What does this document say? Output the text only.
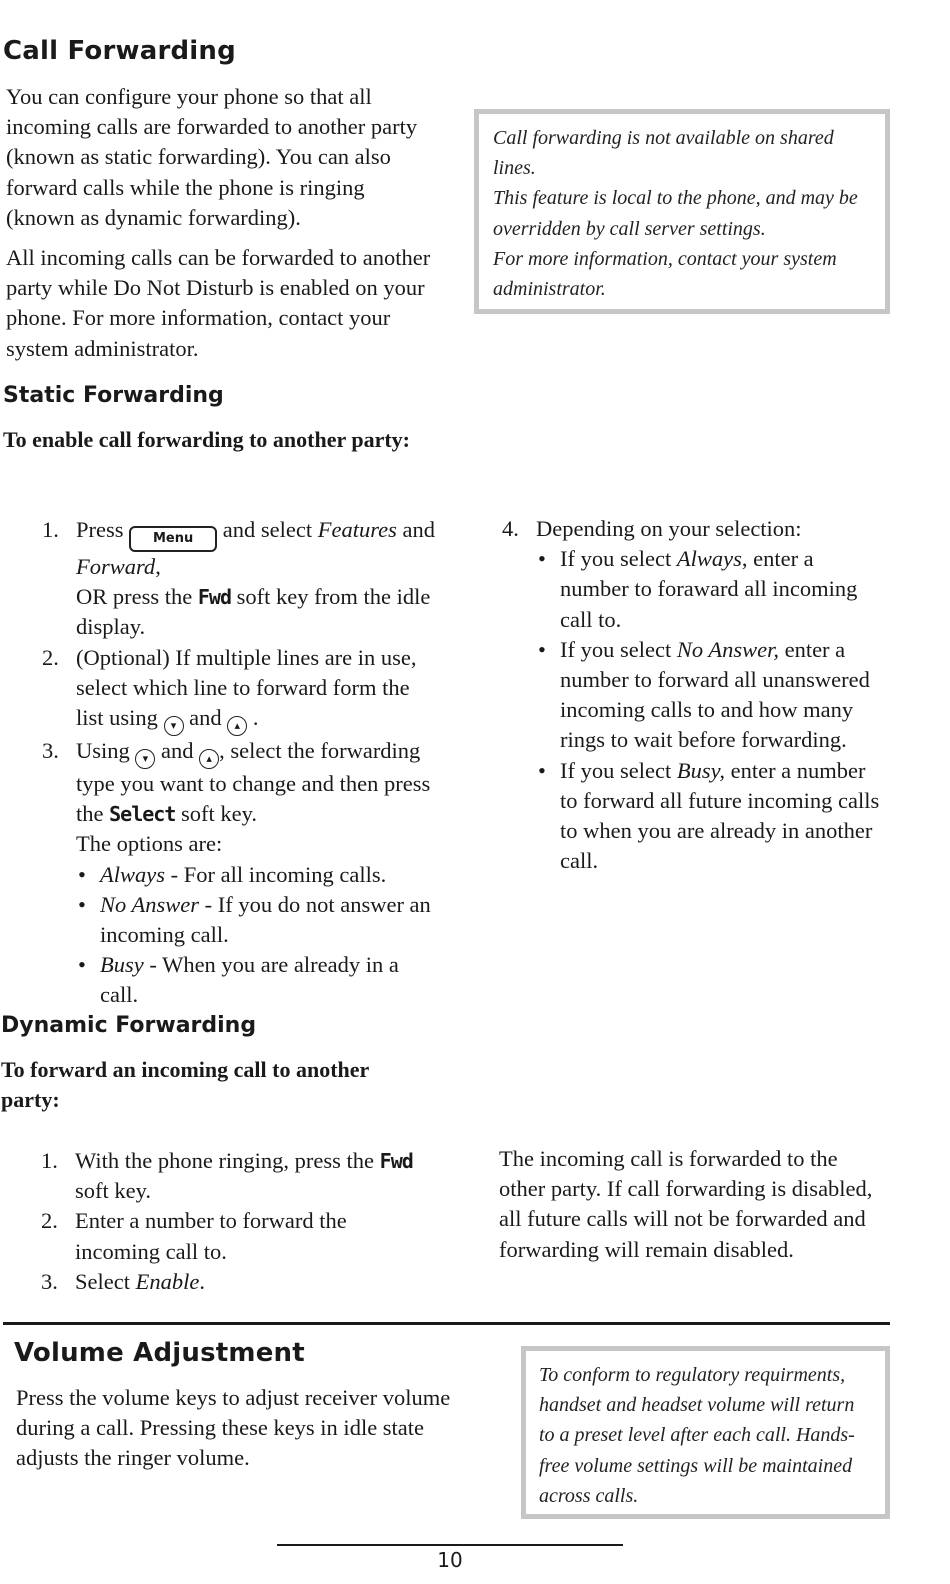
Call Forwarding

You can configure your phone so that all incoming calls are forwarded to another party (known as static forwarding). You can also forward calls while the phone is ringing (known as dynamic forwarding).

All incoming calls can be forwarded to another party while Do Not Disturb is enabled on your phone. For more information, contact your system administrator.

Call forwarding is not available on shared lines.
This feature is local to the phone, and may be overridden by call server settings.
For more information, contact your system administrator.
Static Forwarding
To enable call forwarding to another party:
1. Press Menu and select Features and Forward,
OR press the Fwd soft key from the idle display.
2. (Optional) If multiple lines are in use, select which line to forward form the list using ▾ and ▴ .
3. Using ▾ and ▴ , select the forwarding type you want to change and then press the Select soft key.
The options are:
• Always - For all incoming calls.
• No Answer - If you do not answer an incoming call.
• Busy - When you are already in a call.
4. Depending on your selection:
• If you select Always, enter a number to foraward all incoming call to.
• If you select No Answer, enter a number to forward all unanswered incoming calls to and how many rings to wait before forwarding.
• If you select Busy, enter a number to forward all future incoming calls to when you are already in another call.
Dynamic Forwarding
To forward an incoming call to another party:
1. With the phone ringing, press the Fwd soft key.
2. Enter a number to forward the incoming call to.
3. Select Enable.
The incoming call is forwarded to the other party. If call forwarding is disabled, all future calls will not be forwarded and forwarding will remain disabled.
Volume Adjustment
Press the volume keys to adjust receiver volume during a call. Pressing these keys in idle state adjusts the ringer volume.
To conform to regulatory requirments, handset and headset volume will return to a preset level after each call. Hands-free volume settings will be maintained across calls.
10
